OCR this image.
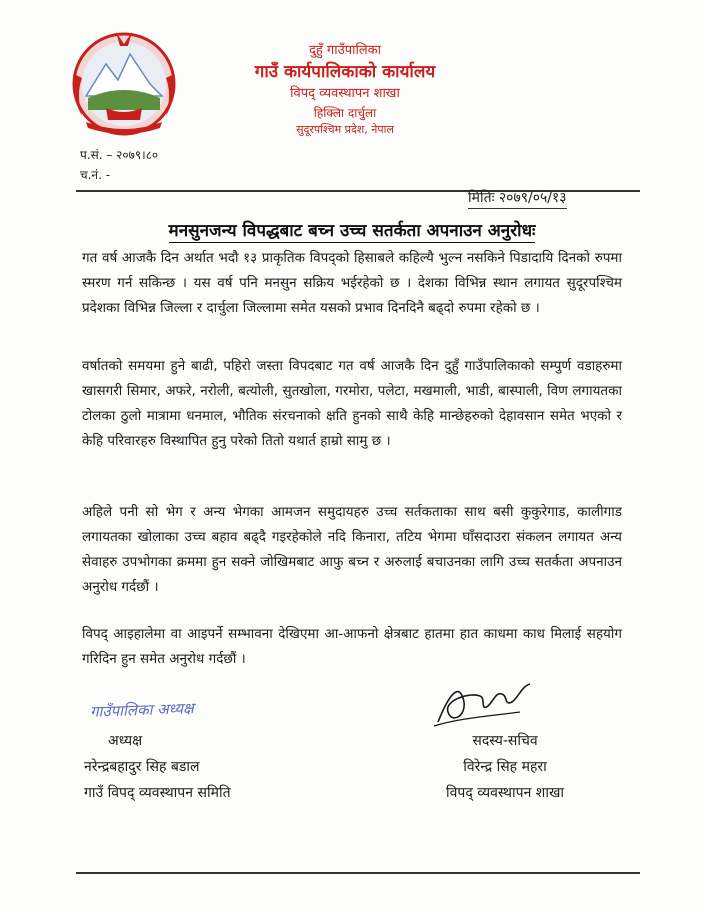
दुहुँ गाउँपालिका
गाउँ कार्यपालिकाको कार्यालय
विपद् व्यवस्थापन शाखा
हिक्लिा दार्चुला
सुदूरपश्चिम प्रदेश, नेपाल
प.सं. – २०७९।८०
च.नं. -
मितिः २०७९/०५/१३
मनसुनजन्य विपद्धबाट बच्न उच्च सतर्कता अपनाउन अनुरोधः
गत वर्ष आजकै दिन अर्थात भदौ १३ प्राकृतिक विपद्को हिसाबले कहिल्यै भुल्न नसकिने पिडादायि दिनको रुपमा स्मरण गर्न सकिन्छ । यस वर्ष पनि मनसुन सक्रिय भईरहेको छ । देशका विभिन्न स्थान लगायत सुदूरपश्चिम प्रदेशका विभिन्न जिल्ला र दार्चुला जिल्लामा समेत यसको प्रभाव दिनदिनै बढ्दो रुपमा रहेको छ ।
वर्षातको समयमा हुने बाढी, पहिरो जस्ता विपदबाट गत वर्ष आजकै दिन दुहुँ गाउँपालिकाको सम्पुर्ण वडाहरुमा खासगरी सिमार, अफरे, नरोली, बत्योली, सुतखोला, गरमोरा, पलेटा, मखमाली, भाडी, बास्पाली, विण लगायतका टोलका ठुलो मात्रामा धनमाल, भौतिक संरचनाको क्षति हुनको साथै केहि मान्छेहरुको देहावसान समेत भएको र केहि परिवारहरु विस्थापित हुनु परेको तितो यथार्त हाम्रो सामु छ ।
अहिले पनी सो भेग र अन्य भेगका आमजन समुदायहरु उच्च सर्तकताका साथ बसी कुकुरेगाड, कालीगाड लगायतका खोलाका उच्च बहाव बढ्दै गइरहेकोले नदि किनारा, तटिय भेगमा घाँसदाउरा संकलन लगायत अन्य सेवाहरु उपभोगका क्रममा हुन सक्ने जोखिमबाट आफु बच्न र अरुलाई बचाउनका लागि उच्च सतर्कता अपनाउन अनुरोध गर्दछौं ।
विपद् आइहालेमा वा आइपर्ने सम्भावना देखिएमा आ-आफनो क्षेत्रबाट हातमा हात काधमा काध मिलाई सहयोग गरिदिन हुन समेत अनुरोध गर्दछौं ।
गाउँपालिका अध्यक्ष
अध्यक्ष
नरेन्द्रबहादुर सिह बडाल
गाउँ विपद् व्यवस्थापन समिति
सदस्य-सचिव
विरेन्द्र सिह महरा
विपद् व्यवस्थापन शाखा
